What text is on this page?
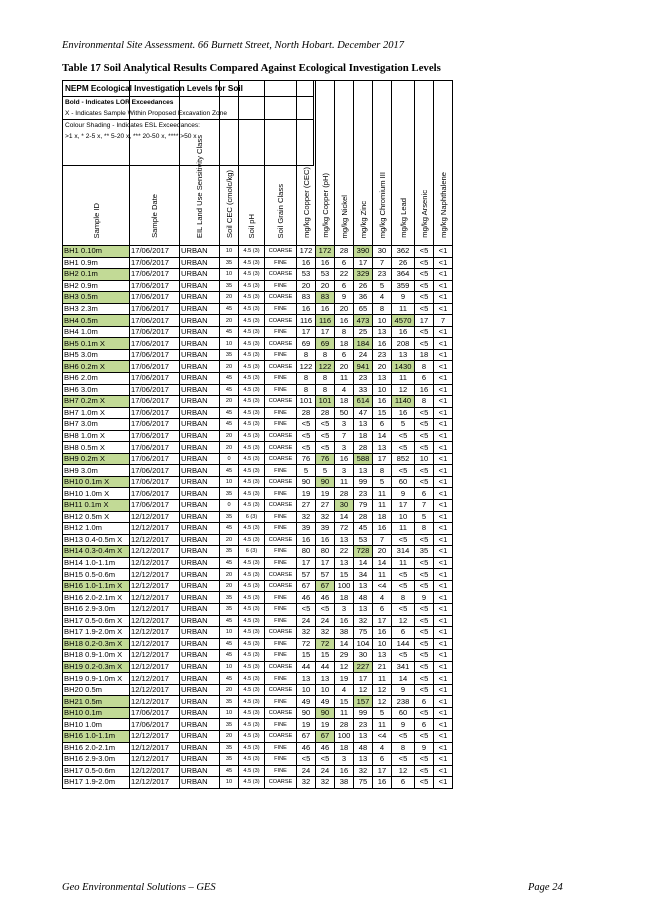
Environmental Site Assessment. 66 Burnett Street, North Hobart. December 2017
Table 17 Soil Analytical Results Compared Against Ecological Investigation Levels
Sample ID	Sample Date	EIL Land Use Sensitivity Class	Soil CEC (cmolc/kg)	Soil pH	Soil Grain Class	mg/kg Copper (CEC)	mg/kg Copper (pH)	mg/kg Nickel	mg/kg Zinc	mg/kg Chromium III	mg/kg Lead	mg/kg Arsenic	mg/kg Naphthalene
BH1 0.10m	17/06/2017	URBAN	10	4.5 (3)	COARSE	172	172	28	390	30	362	<5	<1
BH1 0.9m	17/06/2017	URBAN	35	4.5 (3)	FINE	16	16	6	17	7	26	<5	<1
BH2 0.1m	17/06/2017	URBAN	10	4.5 (3)	COARSE	53	53	22	329	23	364	<5	<1
BH2 0.9m	17/06/2017	URBAN	35	4.5 (3)	FINE	20	20	6	26	5	359	<5	<1
BH3 0.5m	17/06/2017	URBAN	20	4.5 (3)	COARSE	83	83	9	36	4	9	<5	<1
BH3 2.3m	17/06/2017	URBAN	45	4.5 (3)	FINE	16	16	20	65	8	11	<5	<1
BH4 0.5m	17/06/2017	URBAN	20	4.5 (3)	COARSE	116	116	16	473	10	4570	17	7
BH4 1.0m	17/06/2017	URBAN	45	4.5 (3)	FINE	17	17	8	25	13	16	<5	<1
BH5 0.1m X	17/06/2017	URBAN	10	4.5 (3)	COARSE	69	69	18	184	16	208	<5	<1
BH5 3.0m	17/06/2017	URBAN	35	4.5 (3)	FINE	8	8	6	24	23	13	18	<1
BH6 0.2m X	17/06/2017	URBAN	20	4.5 (3)	COARSE	122	122	20	941	20	1430	8	<1
BH6 2.0m	17/06/2017	URBAN	45	4.5 (3)	FINE	8	8	11	23	13	11	6	<1
BH6 3.0m	17/06/2017	URBAN	45	4.5 (3)	FINE	8	8	4	33	10	12	16	<1
BH7 0.2m X	17/06/2017	URBAN	20	4.5 (3)	COARSE	101	101	18	614	16	1140	8	<1
BH7 1.0m X	17/06/2017	URBAN	45	4.5 (3)	FINE	28	28	50	47	15	16	<5	<1
BH7 3.0m	17/06/2017	URBAN	45	4.5 (3)	FINE	<5	<5	3	13	6	5	<5	<1
BH8 1.0m X	17/06/2017	URBAN	20	4.5 (3)	COARSE	<5	<5	7	18	14	<5	<5	<1
BH8 0.5m X	17/06/2017	URBAN	20	4.5 (3)	COARSE	<5	<5	3	28	13	<5	<5	<1
BH9 0.2m X	17/06/2017	URBAN	0	4.5 (3)	COARSE	76	76	16	588	17	852	10	<1
BH9 3.0m	17/06/2017	URBAN	45	4.5 (3)	FINE	5	5	3	13	8	<5	<5	<1
BH10 0.1m X	17/06/2017	URBAN	10	4.5 (3)	COARSE	90	90	11	99	5	60	<5	<1
BH10 1.0m X	17/06/2017	URBAN	35	4.5 (3)	FINE	19	19	28	23	11	9	6	<1
BH11 0.1m X	17/06/2017	URBAN	0	4.5 (3)	COARSE	27	27	30	79	11	17	7	<1
BH12 0.5m X	12/12/2017	URBAN	35	6 (3)	FINE	32	32	14	28	18	10	5	<1
BH12 1.0m	12/12/2017	URBAN	45	4.5 (3)	FINE	39	39	72	45	16	11	8	<1
BH13 0.4-0.5m X	12/12/2017	URBAN	20	4.5 (3)	COARSE	16	16	13	53	7	<5	<5	<1
BH14 0.3-0.4m X	12/12/2017	URBAN	35	6 (3)	FINE	80	80	22	728	20	314	35	<1
BH14 1.0-1.1m	12/12/2017	URBAN	45	4.5 (3)	FINE	17	17	13	14	14	11	<5	<1
BH15 0.5-0.6m	12/12/2017	URBAN	20	4.5 (3)	COARSE	57	57	15	34	11	<5	<5	<1
BH16 1.0-1.1m X	12/12/2017	URBAN	20	4.5 (3)	COARSE	67	67	100	13	<4	<5	<5	<1
BH16 2.0-2.1m X	12/12/2017	URBAN	35	4.5 (3)	FINE	46	46	18	48	4	8	9	<1
BH16 2.9-3.0m	12/12/2017	URBAN	35	4.5 (3)	FINE	<5	<5	3	13	6	<5	<5	<1
BH17 0.5-0.6m X	12/12/2017	URBAN	45	4.5 (3)	FINE	24	24	16	32	17	12	<5	<1
BH17 1.9-2.0m X	12/12/2017	URBAN	10	4.5 (3)	COARSE	32	32	38	75	16	6	<5	<1
BH18 0.2-0.3m X	12/12/2017	URBAN	45	4.5 (3)	FINE	72	72	14	104	10	144	<5	<1
BH18 0.9-1.0m X	12/12/2017	URBAN	45	4.5 (3)	FINE	15	15	29	30	13	<5	<5	<1
BH19 0.2-0.3m X	12/12/2017	URBAN	10	4.5 (3)	COARSE	44	44	12	227	21	341	<5	<1
BH19 0.9-1.0m X	12/12/2017	URBAN	45	4.5 (3)	FINE	13	13	19	17	11	14	<5	<1
BH20 0.5m	12/12/2017	URBAN	20	4.5 (3)	COARSE	10	10	4	12	12	9	<5	<1
BH21 0.5m	12/12/2017	URBAN	35	4.5 (3)	FINE	49	49	15	157	12	238	6	<1
BH10 0.1m	17/06/2017	URBAN	10	4.5 (3)	COARSE	90	90	11	99	5	60	<5	<1
BH10 1.0m	17/06/2017	URBAN	35	4.5 (3)	FINE	19	19	28	23	11	9	6	<1
BH16 1.0-1.1m	12/12/2017	URBAN	20	4.5 (3)	COARSE	67	67	100	13	<4	<5	<5	<1
BH16 2.0-2.1m	12/12/2017	URBAN	35	4.5 (3)	FINE	46	46	18	48	4	8	9	<1
BH16 2.9-3.0m	12/12/2017	URBAN	35	4.5 (3)	FINE	<5	<5	3	13	6	<5	<5	<1
BH17 0.5-0.6m	12/12/2017	URBAN	45	4.5 (3)	FINE	24	24	16	32	17	12	<5	<1
BH17 1.9-2.0m	12/12/2017	URBAN	10	4.5 (3)	COARSE	32	32	38	75	16	6	<5	<1
NEPM Ecological Investigation Levels for Soil
Bold - Indicates LOR Exceedances
X - Indicates Sample Within Proposed Excavation Zone
Colour Shading - Indicates ESL Exceedances:
>1 x, * 2-5 x, ** 5-20 x, *** 20-50 x, **** >50 x
Geo Environmental Solutions – GES	Page 24
